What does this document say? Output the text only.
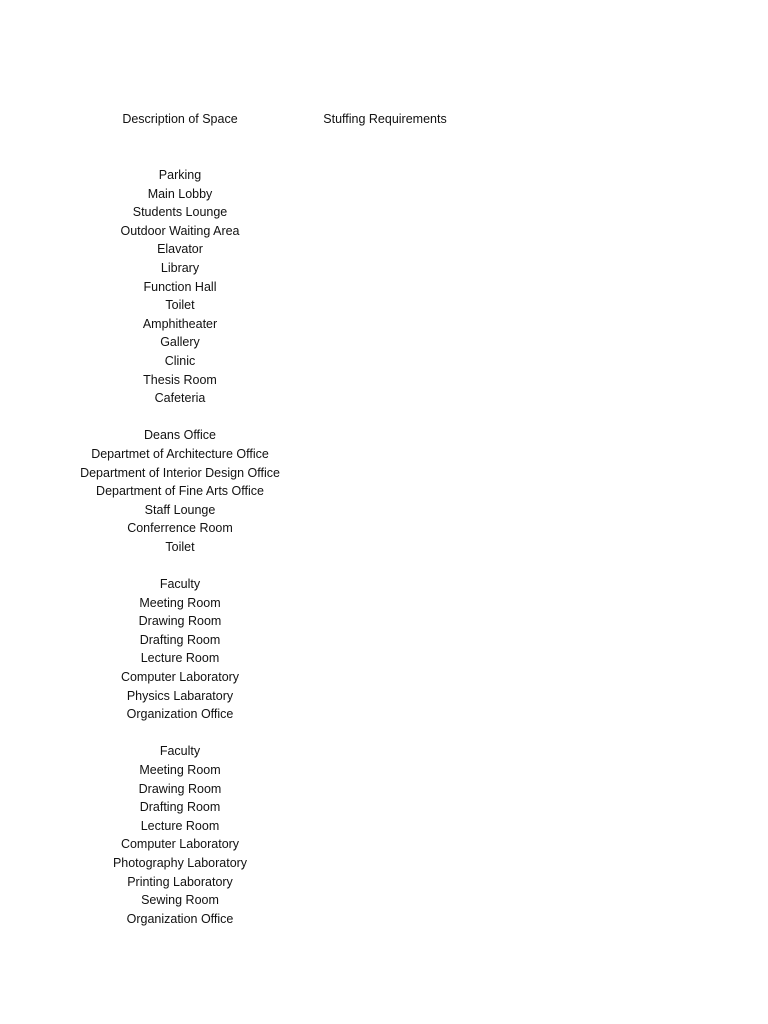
Description of Space	Stuffing Requirements
Parking
Main Lobby
Students Lounge
Outdoor Waiting Area
Elavator
Library
Function Hall
Toilet
Amphitheater
Gallery
Clinic
Thesis Room
Cafeteria
Deans Office
Departmet of Architecture Office
Department of Interior Design Office
Department of Fine Arts Office
Staff Lounge
Conferrence Room
Toilet
Faculty
Meeting Room
Drawing Room
Drafting Room
Lecture Room
Computer Laboratory
Physics Labaratory
Organization Office
Faculty
Meeting Room
Drawing Room
Drafting Room
Lecture Room
Computer Laboratory
Photography Laboratory
Printing Laboratory
Sewing Room
Organization Office
